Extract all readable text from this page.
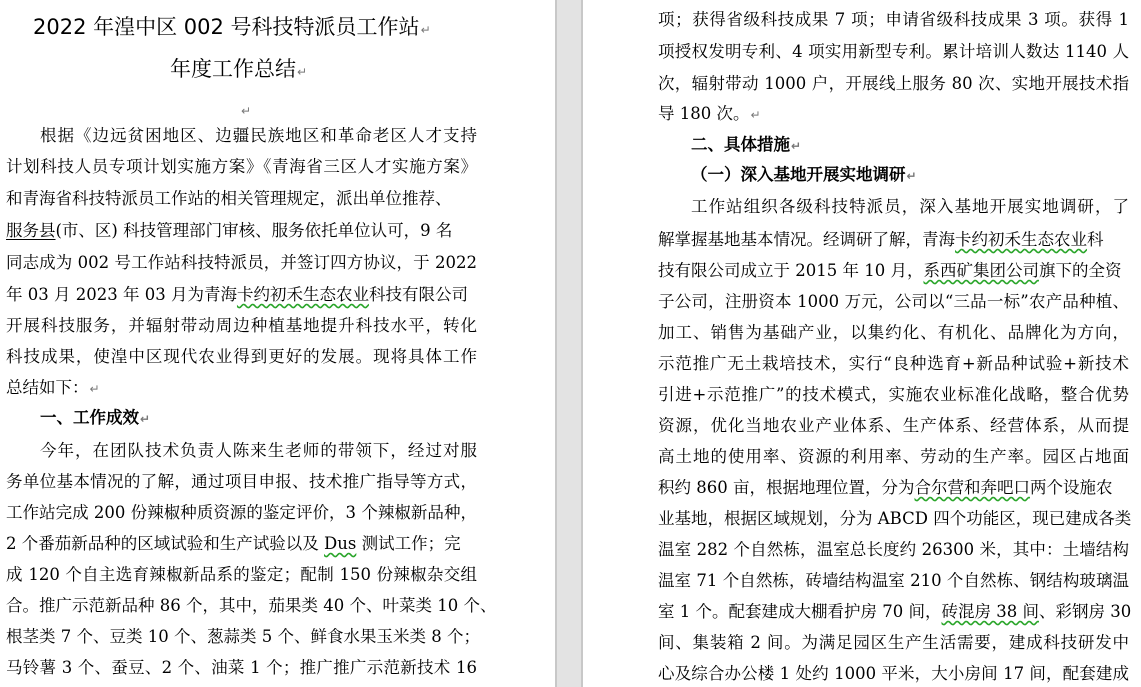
2022 年湟中区 002 号科技特派员工作站↵
年度工作总结↵
↵
根据《边远贫困地区、边疆民族地区和革命老区人才支持
计划科技人员专项计划实施方案》《青海省三区人才实施方案》
和青海省科技特派员工作站的相关管理规定，派出单位推荐、
服务县(市、区) 科技管理部门审核、服务依托单位认可，9 名
同志成为 002 号工作站科技特派员，并签订四方协议，于 2022
年 03 月 2023 年 03 月为青海卡约初禾生态农业科技有限公司
开展科技服务，并辐射带动周边种植基地提升科技水平，转化
科技成果，使湟中区现代农业得到更好的发展。现将具体工作
总结如下：↵
一、工作成效↵
今年，在团队技术负责人陈来生老师的带领下，经过对服
务单位基本情况的了解，通过项目申报、技术推广指导等方式，
工作站完成 200 份辣椒种质资源的鉴定评价，3 个辣椒新品种，
2 个番茄新品种的区域试验和生产试验以及 Dus 测试工作；完
成 120 个自主选育辣椒新品系的鉴定；配制 150 份辣椒杂交组
合。推广示范新品种 86 个，其中，茄果类 40 个、叶菜类 10 个、
根茎类 7 个、豆类 10 个、葱蒜类 5 个、鲜食水果玉米类 8 个；
马铃薯 3 个、蚕豆、2 个、油菜 1 个；推广推广示范新技术 16
项；获得省级科技成果 7 项；申请省级科技成果 3 项。获得 1
项授权发明专利、4 项实用新型专利。累计培训人数达 1140 人
次，辐射带动 1000 户，开展线上服务 80 次、实地开展技术指
导 180 次。↵
二、具体措施↵
（一）深入基地开展实地调研↵
工作站组织各级科技特派员，深入基地开展实地调研，了
解掌握基地基本情况。经调研了解，青海卡约初禾生态农业科
技有限公司成立于 2015 年 10 月，系西矿集团公司旗下的全资
子公司，注册资本 1000 万元，公司以“三品一标”农产品种植、
加工、销售为基础产业，以集约化、有机化、品牌化为方向，
示范推广无土栽培技术，实行“良种选育+新品种试验+新技术
引进+示范推广”的技术模式，实施农业标准化战略，整合优势
资源，优化当地农业产业体系、生产体系、经营体系，从而提
高土地的使用率、资源的利用率、劳动的生产率。园区占地面
积约 860 亩，根据地理位置，分为合尔营和奔吧口两个设施农
业基地，根据区域规划，分为 ABCD 四个功能区，现已建成各类
温室 282 个自然栋，温室总长度约 26300 米，其中：土墙结构
温室 71 个自然栋，砖墙结构温室 210 个自然栋、钢结构玻璃温
室 1 个。配套建成大棚看护房 70 间，砖混房 38 间、彩钢房 30
间、集装箱 2 间。为满足园区生产生活需要，建成科技研发中
心及综合办公楼 1 处约 1000 平米，大小房间 17 间，配套建成
